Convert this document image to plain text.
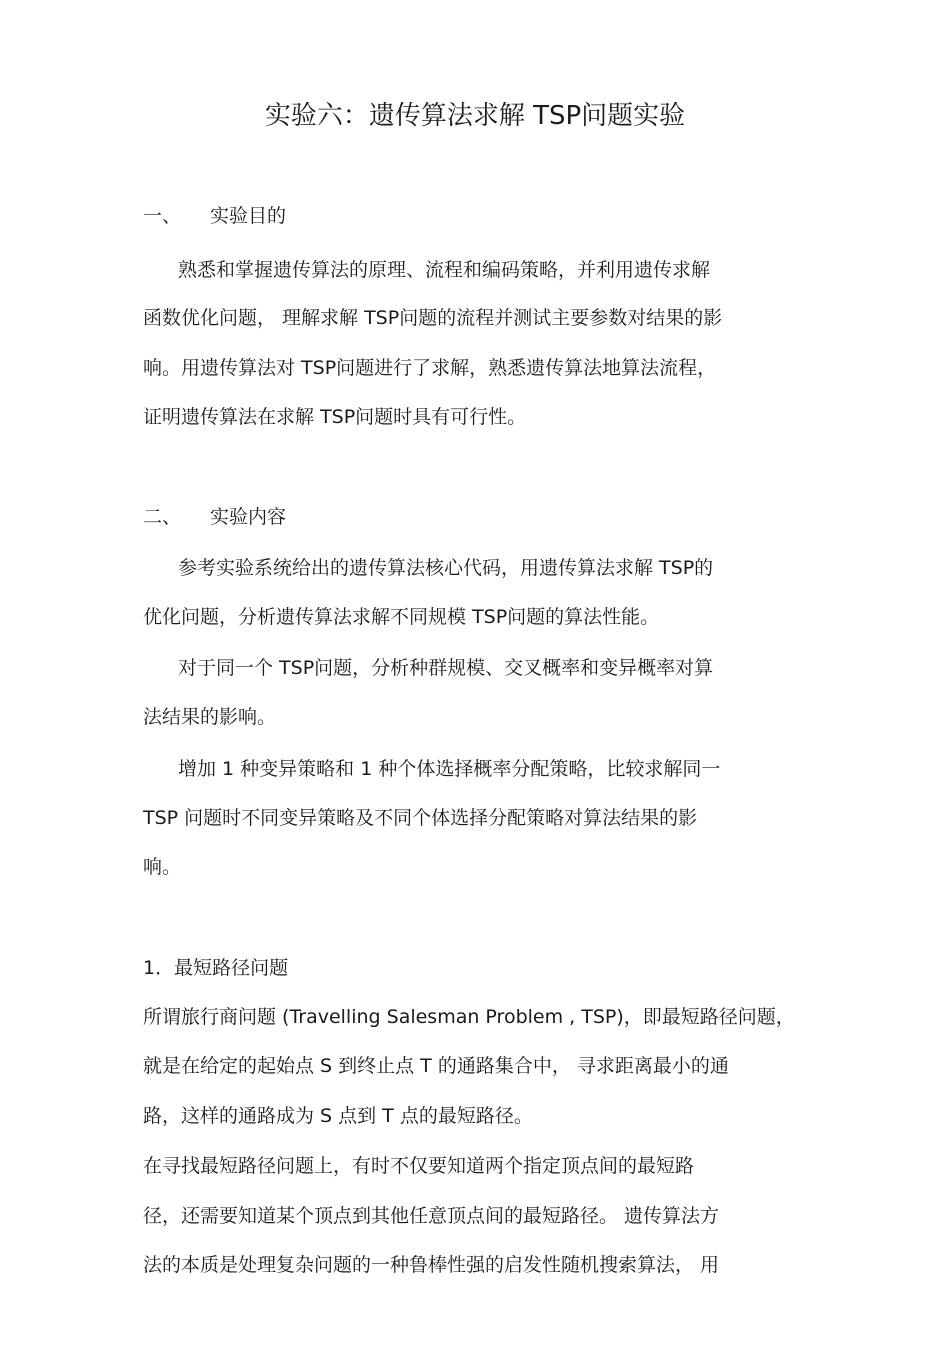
实验六：遗传算法求解 TSP问题实验
一、 实验目的
熟悉和掌握遗传算法的原理、流程和编码策略，并利用遗传求解
函数优化问题， 理解求解 TSP问题的流程并测试主要参数对结果的影
响。用遗传算法对 TSP问题进行了求解，熟悉遗传算法地算法流程，
证明遗传算法在求解 TSP问题时具有可行性。
二、 实验内容
参考实验系统给出的遗传算法核心代码，用遗传算法求解 TSP的
优化问题，分析遗传算法求解不同规模 TSP问题的算法性能。
对于同一个 TSP问题，分析种群规模、交叉概率和变异概率对算
法结果的影响。
增加 1 种变异策略和 1 种个体选择概率分配策略，比较求解同一
TSP 问题时不同变异策略及不同个体选择分配策略对算法结果的影
响。
1．最短路径问题
所谓旅行商问题 (Travelling Salesman Problem , TSP)，即最短路径问题，
就是在给定的起始点 S 到终止点 T 的通路集合中， 寻求距离最小的通
路，这样的通路成为 S 点到 T 点的最短路径。
在寻找最短路径问题上，有时不仅要知道两个指定顶点间的最短路
径，还需要知道某个顶点到其他任意顶点间的最短路径。 遗传算法方
法的本质是处理复杂问题的一种鲁棒性强的启发性随机搜索算法， 用
